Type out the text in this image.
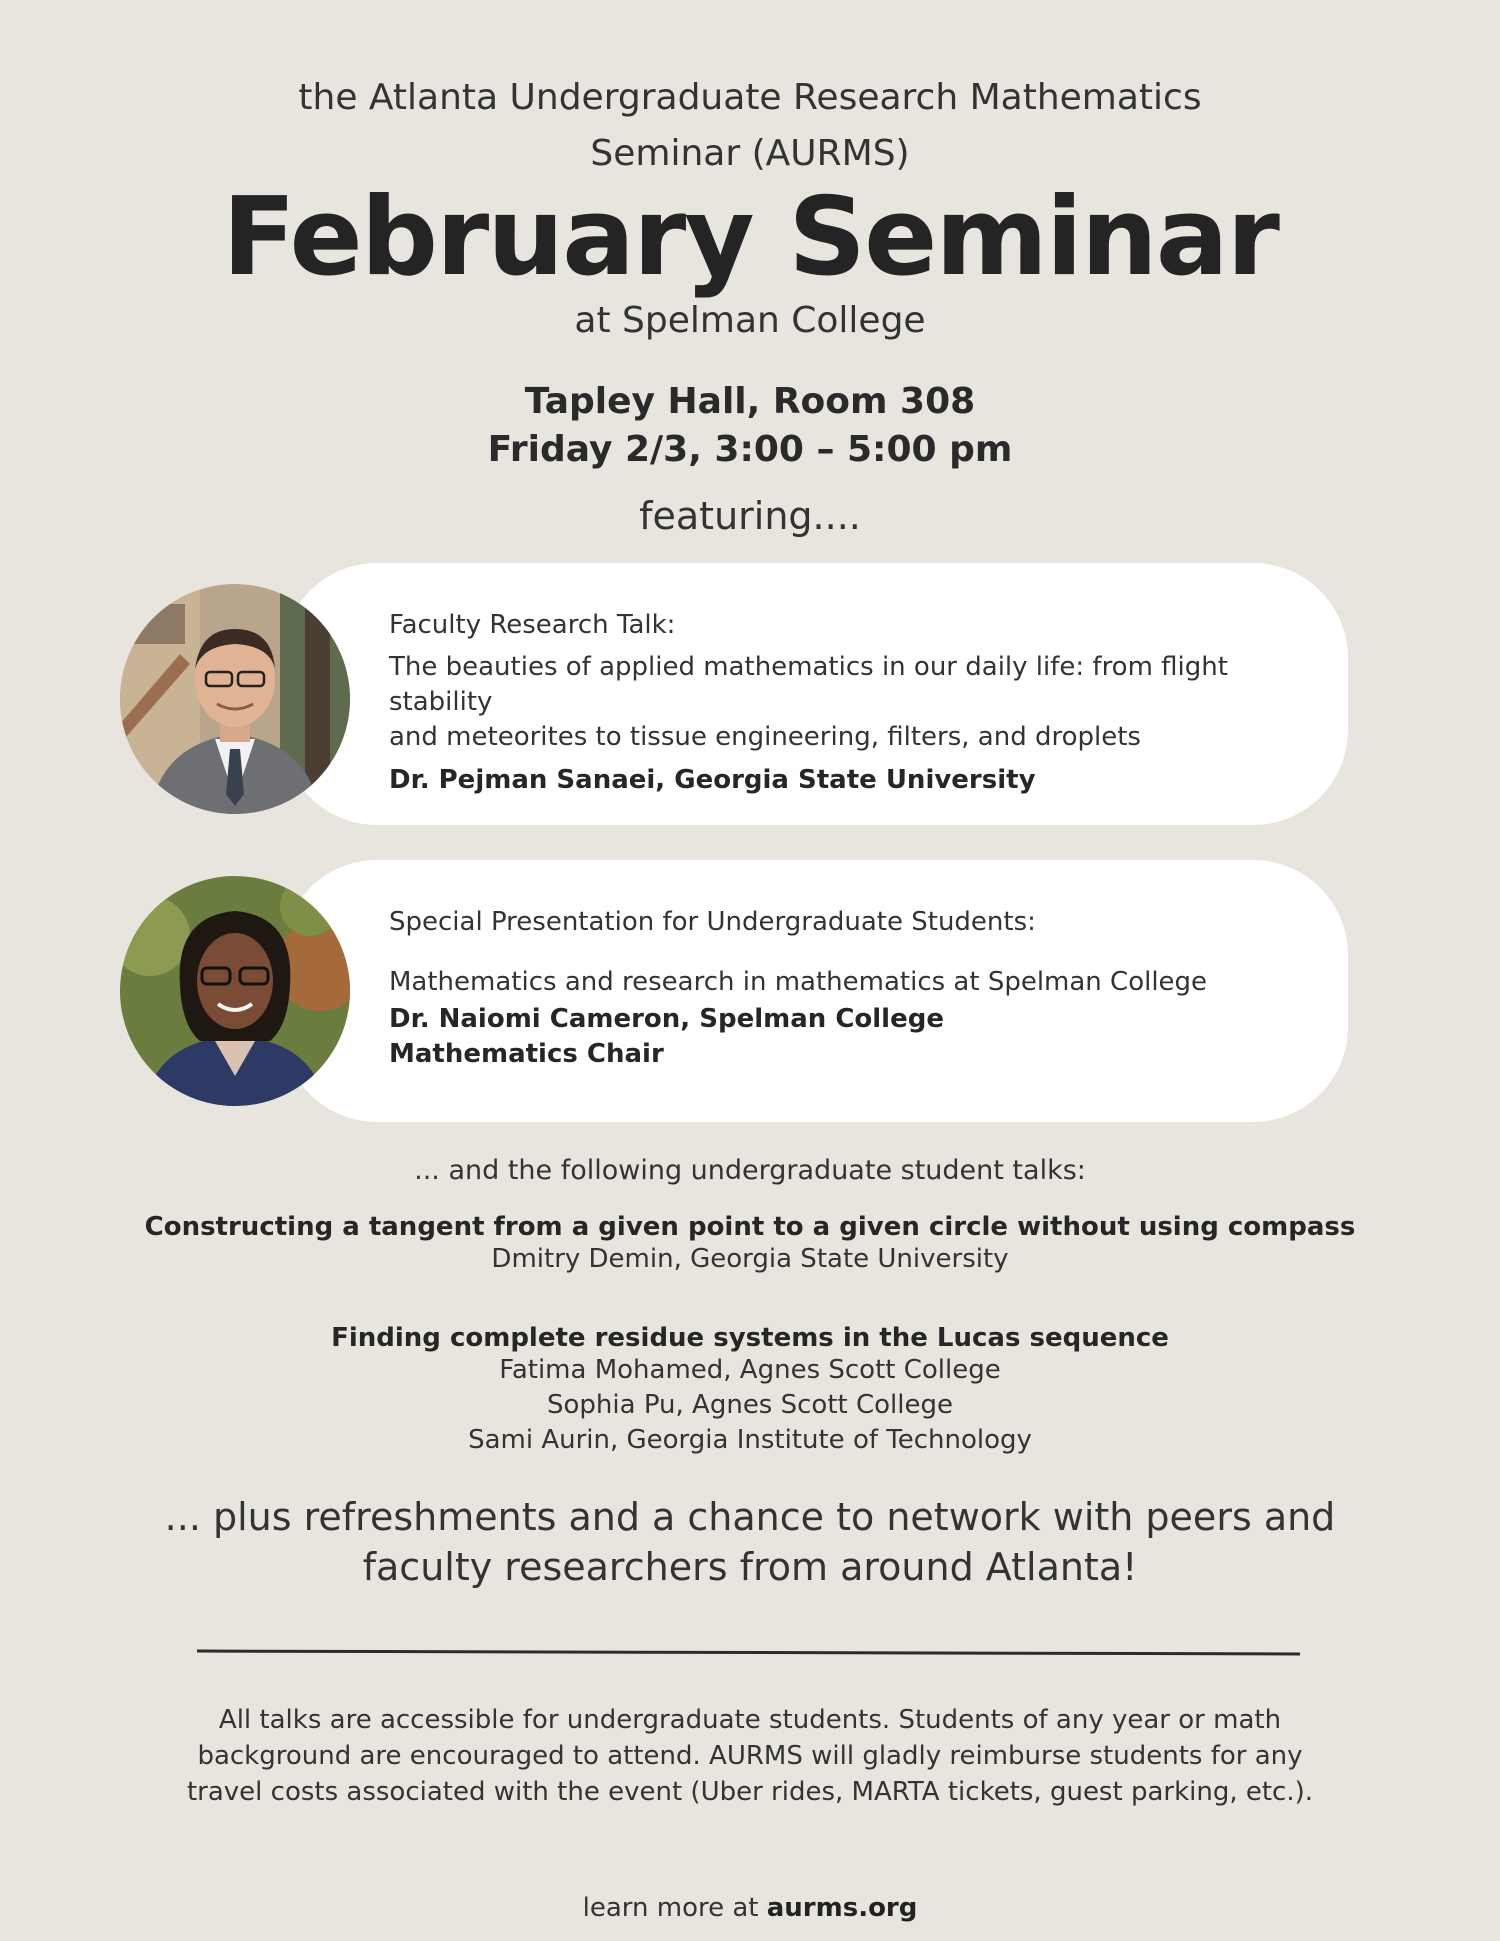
the Atlanta Undergraduate Research Mathematics
Seminar (AURMS)
February Seminar
at Spelman College
Tapley Hall, Room 308
Friday 2/3, 3:00 – 5:00 pm
featuring....
Faculty Research Talk:
The beauties of applied mathematics in our daily life: from flight stability
and meteorites to tissue engineering, filters, and droplets
Dr. Pejman Sanaei, Georgia State University
Special Presentation for Undergraduate Students:
Mathematics and research in mathematics at Spelman College
Dr. Naiomi Cameron, Spelman College
Mathematics Chair
... and the following undergraduate student talks:
Constructing a tangent from a given point to a given circle without using compass
Dmitry Demin, Georgia State University
Finding complete residue systems in the Lucas sequence
Fatima Mohamed, Agnes Scott College
Sophia Pu, Agnes Scott College
Sami Aurin, Georgia Institute of Technology
... plus refreshments and a chance to network with peers and
faculty researchers from around Atlanta!
All talks are accessible for undergraduate students. Students of any year or math
background are encouraged to attend. AURMS will gladly reimburse students for any
travel costs associated with the event (Uber rides, MARTA tickets, guest parking, etc.).
learn more at aurms.org
